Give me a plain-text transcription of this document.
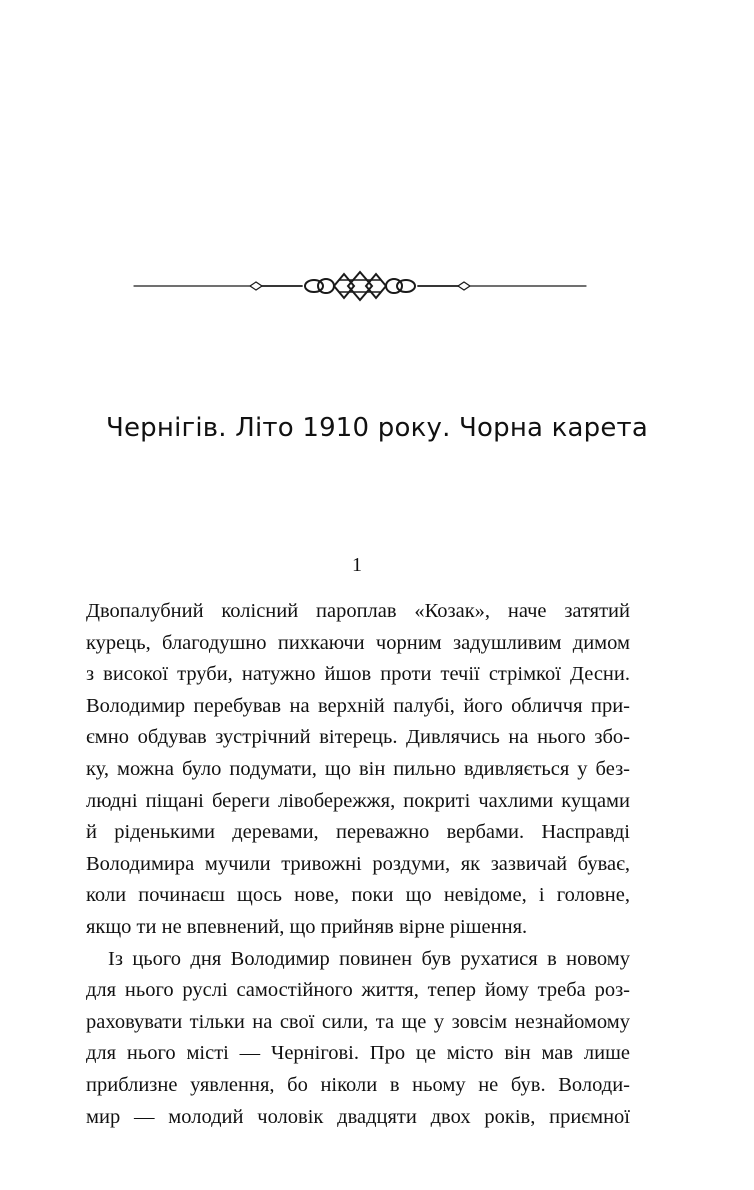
Чернігів. Літо 1910 року. Чорна карета
1
Двопалубний колісний пароплав «Козак», наче затятий
курець, благодушно пихкаючи чорним задушливим димом
з високої труби, натужно йшов проти течії стрімкої Десни.
Володимир перебував на верхній палубі, його обличчя при-
ємно обдував зустрічний вітерець. Дивлячись на нього збо-
ку, можна було подумати, що він пильно вдивляється у без-
людні піщані береги лівобережжя, покриті чахлими кущами
й ріденькими деревами, переважно вербами. Насправді
Володимира мучили тривожні роздуми, як зазвичай буває,
коли починаєш щось нове, поки що невідоме, і головне,
якщо ти не впевнений, що прийняв вірне рішення.
Із цього дня Володимир повинен був рухатися в новому
для нього руслі самостійного життя, тепер йому треба роз-
раховувати тільки на свої сили, та ще у зовсім незнайомому
для нього місті — Чернігові. Про це місто він мав лише
приблизне уявлення, бо ніколи в ньому не був. Володи-
мир — молодий чоловік двадцяти двох років, приємної
